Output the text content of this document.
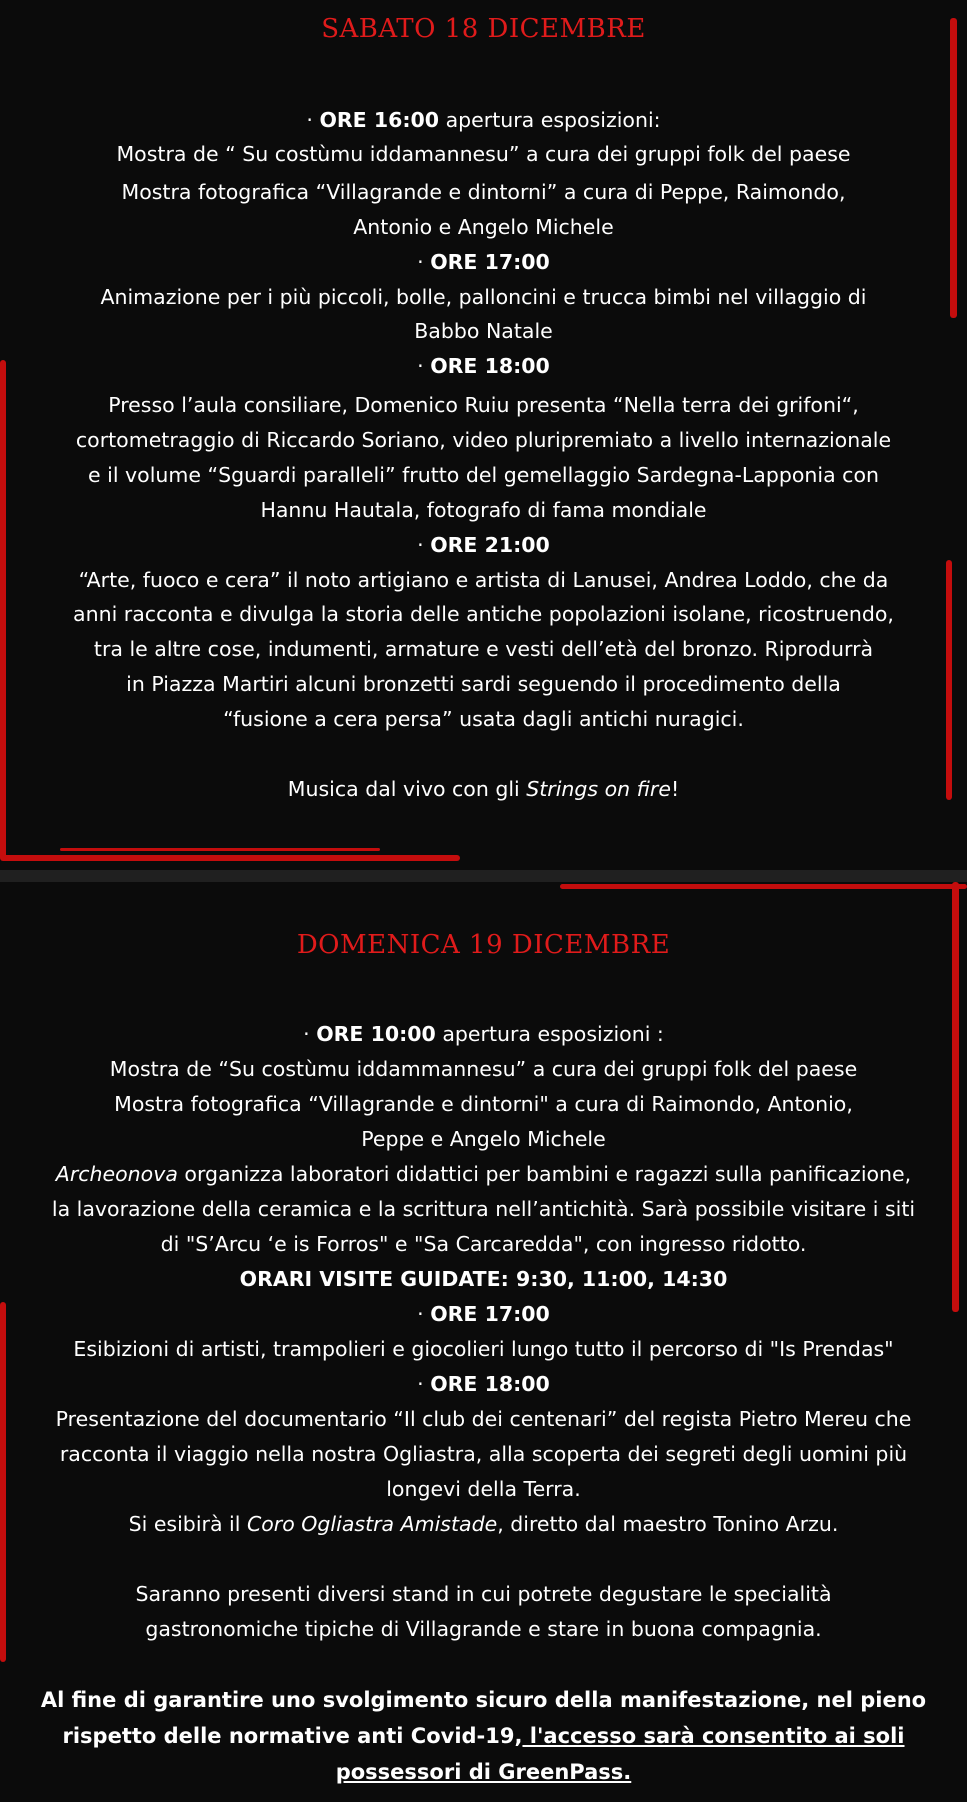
SABATO 18 DICEMBRE
· ORE 16:00 apertura esposizioni:
Mostra de “ Su costùmu iddamannesu” a cura dei gruppi folk del paese
Mostra fotografica “Villagrande e dintorni” a cura di Peppe, Raimondo,
Antonio e Angelo Michele
· ORE 17:00
Animazione per i più piccoli, bolle, palloncini e trucca bimbi nel villaggio di
Babbo Natale
· ORE 18:00
Presso l’aula consiliare, Domenico Ruiu presenta “Nella terra dei grifoni“,
cortometraggio di Riccardo Soriano, video pluripremiato a livello internazionale
e il volume “Sguardi paralleli” frutto del gemellaggio Sardegna-Lapponia con
Hannu Hautala, fotografo di fama mondiale
· ORE 21:00
“Arte, fuoco e cera” il noto artigiano e artista di Lanusei, Andrea Loddo, che da
anni racconta e divulga la storia delle antiche popolazioni isolane, ricostruendo,
tra le altre cose, indumenti, armature e vesti dell’età del bronzo. Riprodurrà
in Piazza Martiri alcuni bronzetti sardi seguendo il procedimento della
“fusione a cera persa” usata dagli antichi nuragici.
Musica dal vivo con gli Strings on fire!
DOMENICA 19 DICEMBRE
· ORE 10:00 apertura esposizioni :
Mostra de “Su costùmu iddammannesu” a cura dei gruppi folk del paese
Mostra fotografica “Villagrande e dintorni" a cura di Raimondo, Antonio,
Peppe e Angelo Michele
Archeonova organizza laboratori didattici per bambini e ragazzi sulla panificazione,
la lavorazione della ceramica e la scrittura nell’antichità. Sarà possibile visitare i siti
di "S’Arcu ‘e is Forros" e "Sa Carcaredda", con ingresso ridotto.
ORARI VISITE GUIDATE: 9:30, 11:00, 14:30
· ORE 17:00
Esibizioni di artisti, trampolieri e giocolieri lungo tutto il percorso di "Is Prendas"
· ORE 18:00
Presentazione del documentario “Il club dei centenari” del regista Pietro Mereu che
racconta il viaggio nella nostra Ogliastra, alla scoperta dei segreti degli uomini più
longevi della Terra.
Si esibirà il Coro Ogliastra Amistade, diretto dal maestro Tonino Arzu.
Saranno presenti diversi stand in cui potrete degustare le specialità
gastronomiche tipiche di Villagrande e stare in buona compagnia.
Al fine di garantire uno svolgimento sicuro della manifestazione, nel pieno
rispetto delle normative anti Covid-19, l'accesso sarà consentito ai soli
possessori di GreenPass.
